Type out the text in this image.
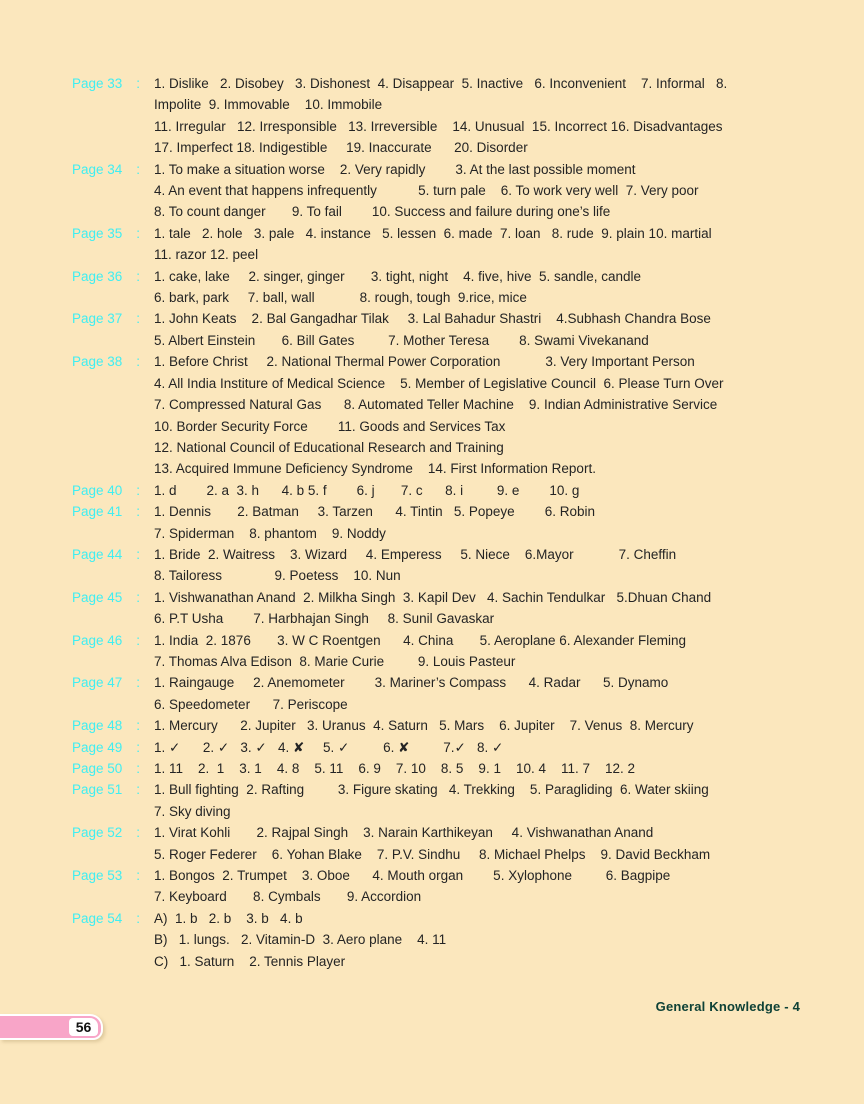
Page 33 : 1. Dislike   2. Disobey   3. Dishonest  4. Disappear  5. Inactive   6. Inconvenient    7. Informal   8.
Impolite  9. Immovable    10. Immobile
11. Irregular   12. Irresponsible   13. Irreversible    14. Unusual  15. Incorrect 16. Disadvantages
17. Imperfect 18. Indigestible     19. Inaccurate      20. Disorder
Page 34 : 1. To make a situation worse    2. Very rapidly        3. At the last possible moment
4. An event that happens infrequently           5. turn pale    6. To work very well  7. Very poor
8. To count danger       9. To fail        10. Success and failure during one’s life
Page 35 : 1. tale   2. hole   3. pale   4. instance   5. lessen  6. made  7. loan   8. rude  9. plain 10. martial
11. razor 12. peel
Page 36 : 1. cake, lake     2. singer, ginger       3. tight, night    4. five, hive  5. sandle, candle
6. bark, park     7. ball, wall            8. rough, tough  9.rice, mice
Page 37 : 1. John Keats    2. Bal Gangadhar Tilak     3. Lal Bahadur Shastri    4.Subhash Chandra Bose
5. Albert Einstein       6. Bill Gates         7. Mother Teresa        8. Swami Vivekanand
Page 38 : 1. Before Christ     2. National Thermal Power Corporation            3. Very Important Person
4. All India Institure of Medical Science    5. Member of Legislative Council  6. Please Turn Over
7. Compressed Natural Gas      8. Automated Teller Machine    9. Indian Administrative Service
10. Border Security Force        11. Goods and Services Tax
12. National Council of Educational Research and Training
13. Acquired Immune Deficiency Syndrome    14. First Information Report.
Page 40 : 1. d        2. a  3. h      4. b 5. f        6. j       7. c      8. i         9. e        10. g
Page 41 : 1. Dennis       2. Batman     3. Tarzen      4. Tintin   5. Popeye        6. Robin
7. Spiderman    8. phantom    9. Noddy
Page 44 : 1. Bride  2. Waitress    3. Wizard     4. Emperess     5. Niece    6.Mayor            7. Cheffin
8. Tailoress              9. Poetess    10. Nun
Page 45 : 1. Vishwanathan Anand  2. Milkha Singh  3. Kapil Dev   4. Sachin Tendulkar   5.Dhuan Chand
6. P.T Usha        7. Harbhajan Singh     8. Sunil Gavaskar
Page 46 : 1. India  2. 1876       3. W C Roentgen      4. China       5. Aeroplane 6. Alexander Fleming
7. Thomas Alva Edison  8. Marie Curie         9. Louis Pasteur
Page 47 : 1. Raingauge     2. Anemometer        3. Mariner’s Compass      4. Radar      5. Dynamo
6. Speedometer      7. Periscope
Page 48 : 1. Mercury      2. Jupiter   3. Uranus  4. Saturn   5. Mars    6. Jupiter    7. Venus  8. Mercury
Page 49 : 1. ✓      2. ✓   3. ✓   4. ✘     5. ✓         6. ✘         7.✓   8. ✓
Page 50 : 1. 11    2.  1    3. 1    4. 8    5. 11    6. 9    7. 10    8. 5    9. 1    10. 4    11. 7    12. 2
Page 51 : 1. Bull fighting  2. Rafting         3. Figure skating   4. Trekking    5. Paragliding  6. Water skiing
7. Sky diving
Page 52 : 1. Virat Kohli       2. Rajpal Singh    3. Narain Karthikeyan     4. Vishwanathan Anand
5. Roger Federer    6. Yohan Blake    7. P.V. Sindhu     8. Michael Phelps    9. David Beckham
Page 53 : 1. Bongos  2. Trumpet    3. Oboe      4. Mouth organ        5. Xylophone         6. Bagpipe
7. Keyboard       8. Cymbals       9. Accordion
Page 54 : A)  1. b   2. b    3. b   4. b
B)   1. lungs.   2. Vitamin-D  3. Aero plane    4. 11
C)   1. Saturn    2. Tennis Player
General Knowledge - 4
56
